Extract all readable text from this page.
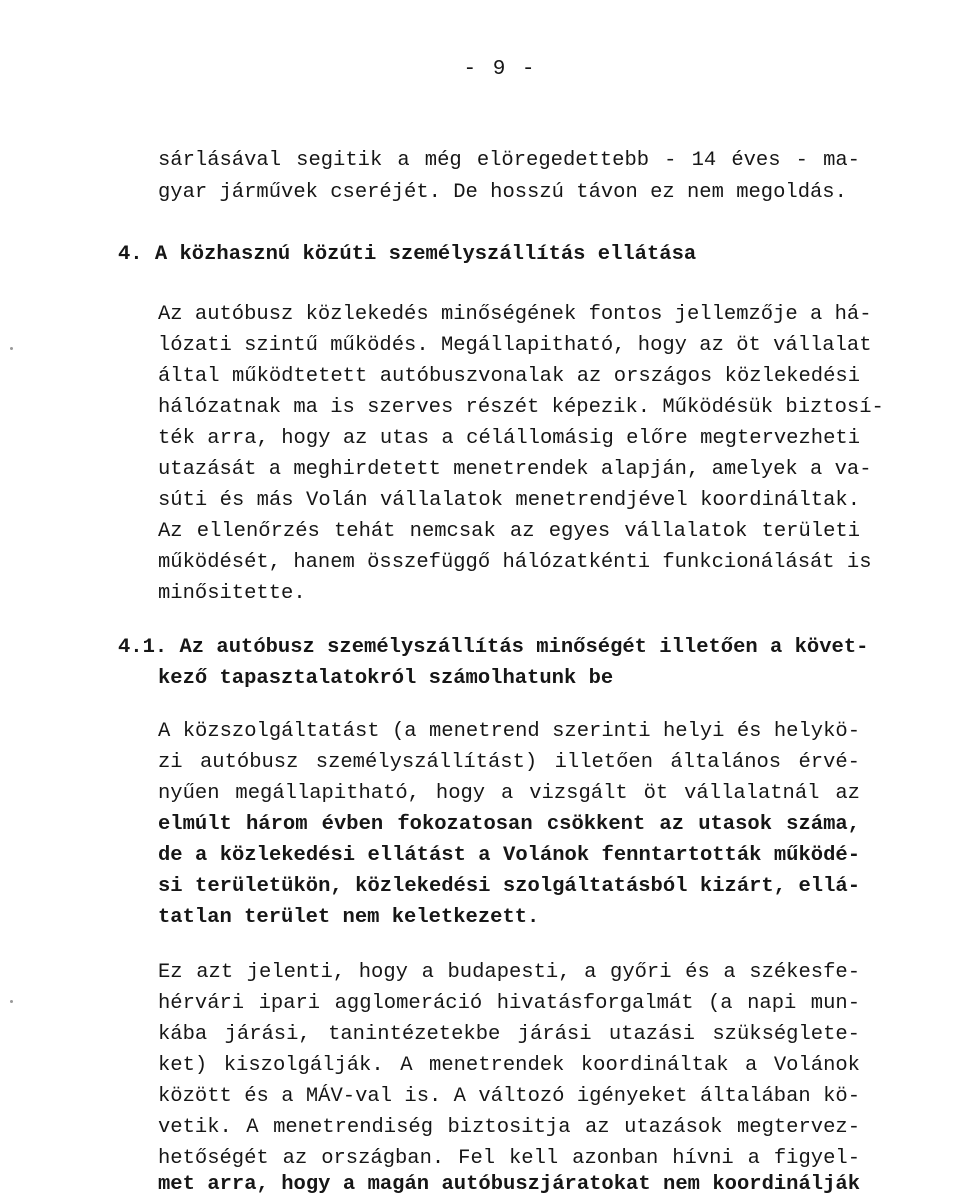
- 9 -
sárlásával segitik a még elöregedettebb - 14 éves - ma-
gyar járművek cseréjét. De hosszú távon ez nem megoldás.
4. A közhasznú közúti személyszállítás ellátása
Az autóbusz közlekedés minőségének fontos jellemzője a há-
lózati szintű működés. Megállapitható, hogy az öt vállalat
által működtetett autóbuszvonalak az országos közlekedési
hálózatnak ma is szerves részét képezik. Működésük biztosí-
ték arra, hogy az utas a célállomásig előre megtervezheti
utazását a meghirdetett menetrendek alapján, amelyek a va-
súti és más Volán vállalatok menetrendjével koordináltak.
Az ellenőrzés tehát nemcsak az egyes vállalatok területi
működését, hanem összefüggő hálózatkénti funkcionálását is
minősitette.
4.1. Az autóbusz személyszállítás minőségét illetően a követ-
kező tapasztalatokról számolhatunk be
A közszolgáltatást (a menetrend szerinti helyi és helykö-
zi autóbusz személyszállítást) illetően általános érvé-
nyűen megállapitható, hogy a vizsgált öt vállalatnál az
elmúlt három évben fokozatosan csökkent az utasok száma,
de a közlekedési ellátást a Volánok fenntartották működé-
si területükön, közlekedési szolgáltatásból kizárt, ellá-
tatlan terület nem keletkezett.
Ez azt jelenti, hogy a budapesti, a győri és a székesfe-
hérvári ipari agglomeráció hivatásforgalmát (a napi mun-
kába járási, tanintézetekbe járási utazási szükséglete-
ket) kiszolgálják. A menetrendek koordináltak a Volánok
között és a MÁV-val is. A változó igényeket általában kö-
vetik. A menetrendiség biztositja az utazások megtervez-
hetőségét az országban. Fel kell azonban hívni a figyel-
met arra, hogy a magán autóbuszjáratokat nem koordinálják
